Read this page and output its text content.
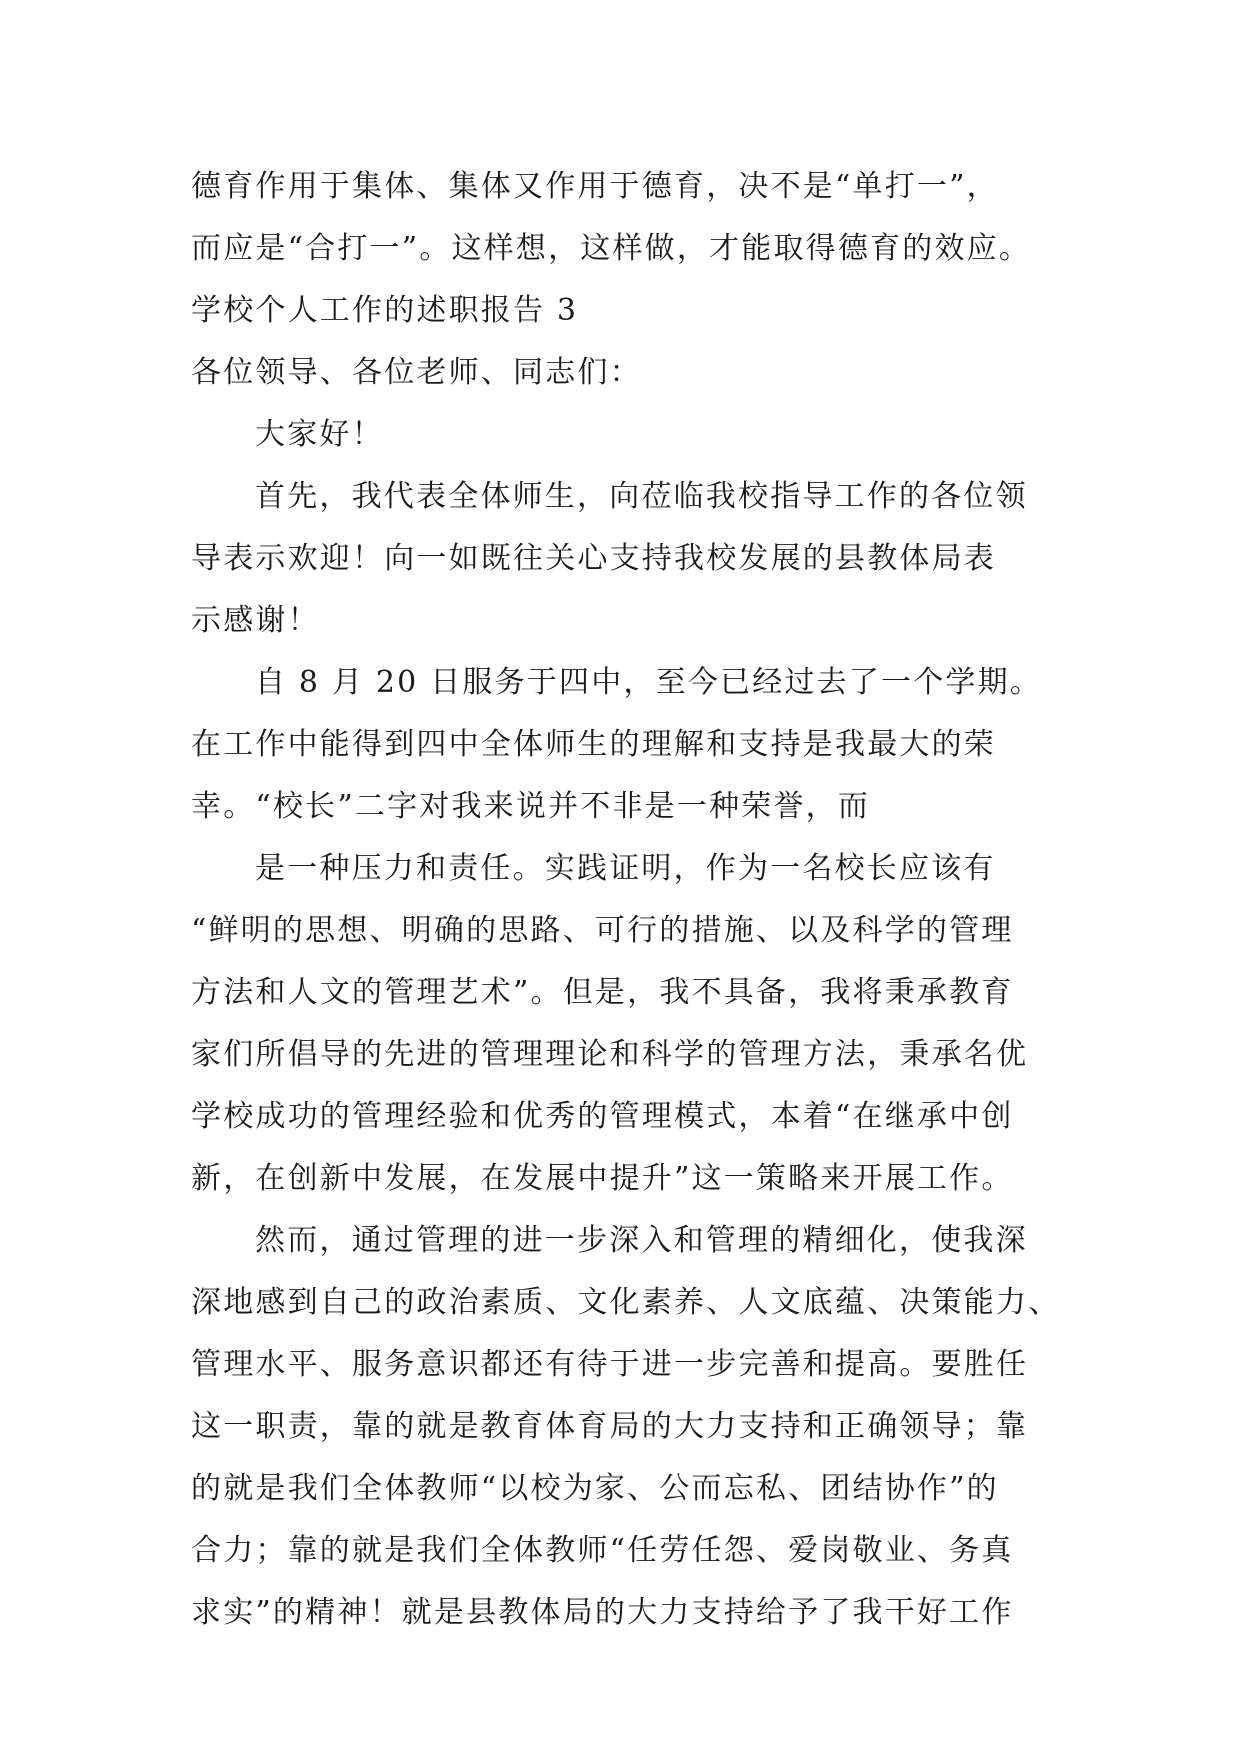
德育作用于集体、集体又作用于德育，决不是“单打一”，
而应是“合打一”。这样想，这样做，才能取得德育的效应。
学校个人工作的述职报告 3
各位领导、各位老师、同志们：
大家好！
首先，我代表全体师生，向莅临我校指导工作的各位领
导表示欢迎！向一如既往关心支持我校发展的县教体局表
示感谢！
自 8 月 20 日服务于四中，至今已经过去了一个学期。
在工作中能得到四中全体师生的理解和支持是我最大的荣
幸。“校长”二字对我来说并不非是一种荣誉，而
是一种压力和责任。实践证明，作为一名校长应该有
“鲜明的思想、明确的思路、可行的措施、以及科学的管理
方法和人文的管理艺术”。但是，我不具备，我将秉承教育
家们所倡导的先进的管理理论和科学的管理方法，秉承名优
学校成功的管理经验和优秀的管理模式，本着“在继承中创
新，在创新中发展，在发展中提升”这一策略来开展工作。
然而，通过管理的进一步深入和管理的精细化，使我深
深地感到自己的政治素质、文化素养、人文底蕴、决策能力、
管理水平、服务意识都还有待于进一步完善和提高。要胜任
这一职责，靠的就是教育体育局的大力支持和正确领导；靠
的就是我们全体教师“以校为家、公而忘私、团结协作”的
合力；靠的就是我们全体教师“任劳任怨、爱岗敬业、务真
求实”的精神！就是县教体局的大力支持给予了我干好工作
